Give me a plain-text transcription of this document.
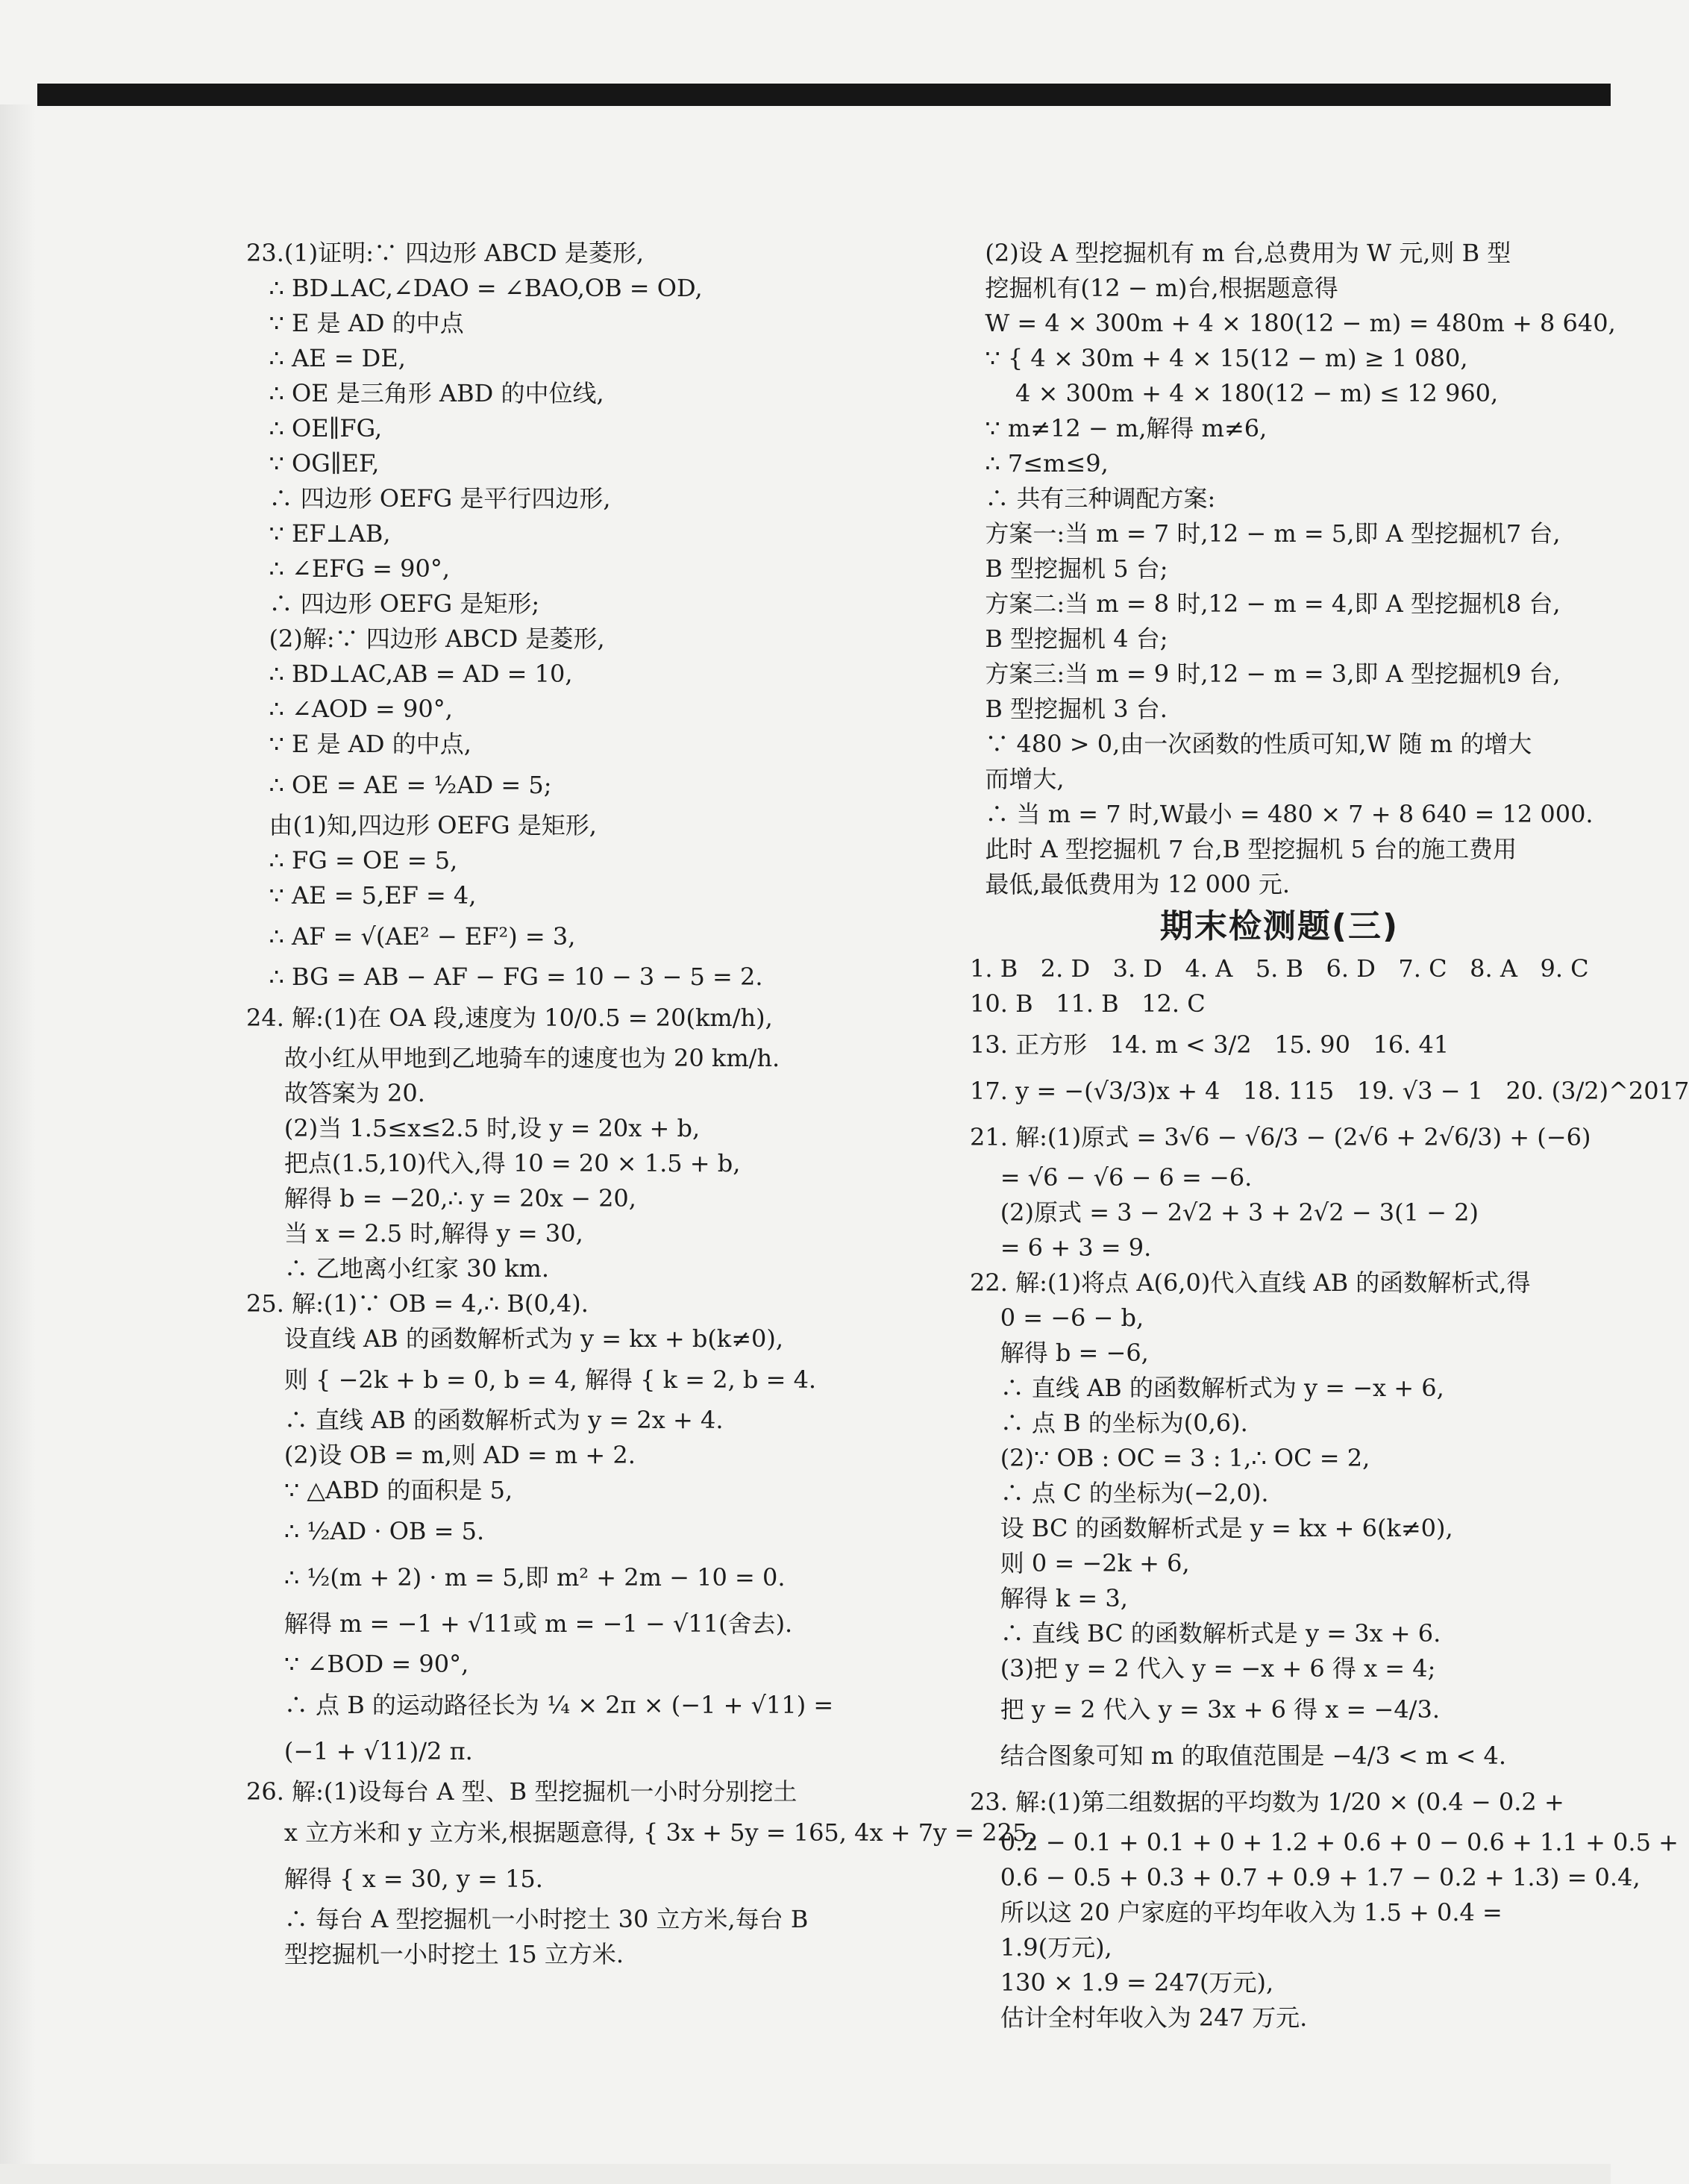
23.(1)证明:∵ 四边形 ABCD 是菱形,
∴ BD⊥AC,∠DAO = ∠BAO,OB = OD,
∵ E 是 AD 的中点
∴ AE = DE,
∴ OE 是三角形 ABD 的中位线,
∴ OE∥FG,
∵ OG∥EF,
∴ 四边形 OEFG 是平行四边形,
∵ EF⊥AB,
∴ ∠EFG = 90°,
∴ 四边形 OEFG 是矩形;
(2)解:∵ 四边形 ABCD 是菱形,
∴ BD⊥AC,AB = AD = 10,
∴ ∠AOD = 90°,
∵ E 是 AD 的中点,
∴ OE = AE = ½AD = 5;
由(1)知,四边形 OEFG 是矩形,
∴ FG = OE = 5,
∵ AE = 5,EF = 4,
∴ AF = √(AE² − EF²) = 3,
∴ BG = AB − AF − FG = 10 − 3 − 5 = 2.
24. 解:(1)在 OA 段,速度为 10/0.5 = 20(km/h),
故小红从甲地到乙地骑车的速度也为 20 km/h.
故答案为 20.
(2)当 1.5≤x≤2.5 时,设 y = 20x + b,
把点(1.5,10)代入,得 10 = 20 × 1.5 + b,
解得 b = −20,∴ y = 20x − 20,
当 x = 2.5 时,解得 y = 30,
∴ 乙地离小红家 30 km.
25. 解:(1)∵ OB = 4,∴ B(0,4).
设直线 AB 的函数解析式为 y = kx + b(k≠0),
则 { −2k + b = 0, b = 4, 解得 { k = 2, b = 4.
∴ 直线 AB 的函数解析式为 y = 2x + 4.
(2)设 OB = m,则 AD = m + 2.
∵ △ABD 的面积是 5,
∴ ½AD · OB = 5.
∴ ½(m + 2) · m = 5,即 m² + 2m − 10 = 0.
解得 m = −1 + √11或 m = −1 − √11(舍去).
∵ ∠BOD = 90°,
∴ 点 B 的运动路径长为 ¼ × 2π × (−1 + √11) =
(−1 + √11)/2 π.
26. 解:(1)设每台 A 型、B 型挖掘机一小时分别挖土
x 立方米和 y 立方米,根据题意得, { 3x + 5y = 165, 4x + 7y = 225,
解得 { x = 30, y = 15.
∴ 每台 A 型挖掘机一小时挖土 30 立方米,每台 B
型挖掘机一小时挖土 15 立方米.
(2)设 A 型挖掘机有 m 台,总费用为 W 元,则 B 型
挖掘机有(12 − m)台,根据题意得
W = 4 × 300m + 4 × 180(12 − m) = 480m + 8 640,
∵ { 4 × 30m + 4 × 15(12 − m) ≥ 1 080,
4 × 300m + 4 × 180(12 − m) ≤ 12 960,
∵ m≠12 − m,解得 m≠6,
∴ 7≤m≤9,
∴ 共有三种调配方案:
方案一:当 m = 7 时,12 − m = 5,即 A 型挖掘机7 台,
B 型挖掘机 5 台;
方案二:当 m = 8 时,12 − m = 4,即 A 型挖掘机8 台,
B 型挖掘机 4 台;
方案三:当 m = 9 时,12 − m = 3,即 A 型挖掘机9 台,
B 型挖掘机 3 台.
∵ 480 > 0,由一次函数的性质可知,W 随 m 的增大
而增大,
∴ 当 m = 7 时,W最小 = 480 × 7 + 8 640 = 12 000.
此时 A 型挖掘机 7 台,B 型挖掘机 5 台的施工费用
最低,最低费用为 12 000 元.
期末检测题(三)
1. B   2. D   3. D   4. A   5. B   6. D   7. C   8. A   9. C
10. B   11. B   12. C
13. 正方形   14. m < 3/2   15. 90   16. 41
17. y = −(√3/3)x + 4   18. 115   19. √3 − 1   20. (3/2)^2017
21. 解:(1)原式 = 3√6 − √6/3 − (2√6 + 2√6/3) + (−6)
= √6 − √6 − 6 = −6.
(2)原式 = 3 − 2√2 + 3 + 2√2 − 3(1 − 2)
= 6 + 3 = 9.
22. 解:(1)将点 A(6,0)代入直线 AB 的函数解析式,得
0 = −6 − b,
解得 b = −6,
∴ 直线 AB 的函数解析式为 y = −x + 6,
∴ 点 B 的坐标为(0,6).
(2)∵ OB : OC = 3 : 1,∴ OC = 2,
∴ 点 C 的坐标为(−2,0).
设 BC 的函数解析式是 y = kx + 6(k≠0),
则 0 = −2k + 6,
解得 k = 3,
∴ 直线 BC 的函数解析式是 y = 3x + 6.
(3)把 y = 2 代入 y = −x + 6 得 x = 4;
把 y = 2 代入 y = 3x + 6 得 x = −4/3.
结合图象可知 m 的取值范围是 −4/3 < m < 4.
23. 解:(1)第二组数据的平均数为 1/20 × (0.4 − 0.2 +
0.2 − 0.1 + 0.1 + 0 + 1.2 + 0.6 + 0 − 0.6 + 1.1 + 0.5 +
0.6 − 0.5 + 0.3 + 0.7 + 0.9 + 1.7 − 0.2 + 1.3) = 0.4,
所以这 20 户家庭的平均年收入为 1.5 + 0.4 =
1.9(万元),
130 × 1.9 = 247(万元),
估计全村年收入为 247 万元.
